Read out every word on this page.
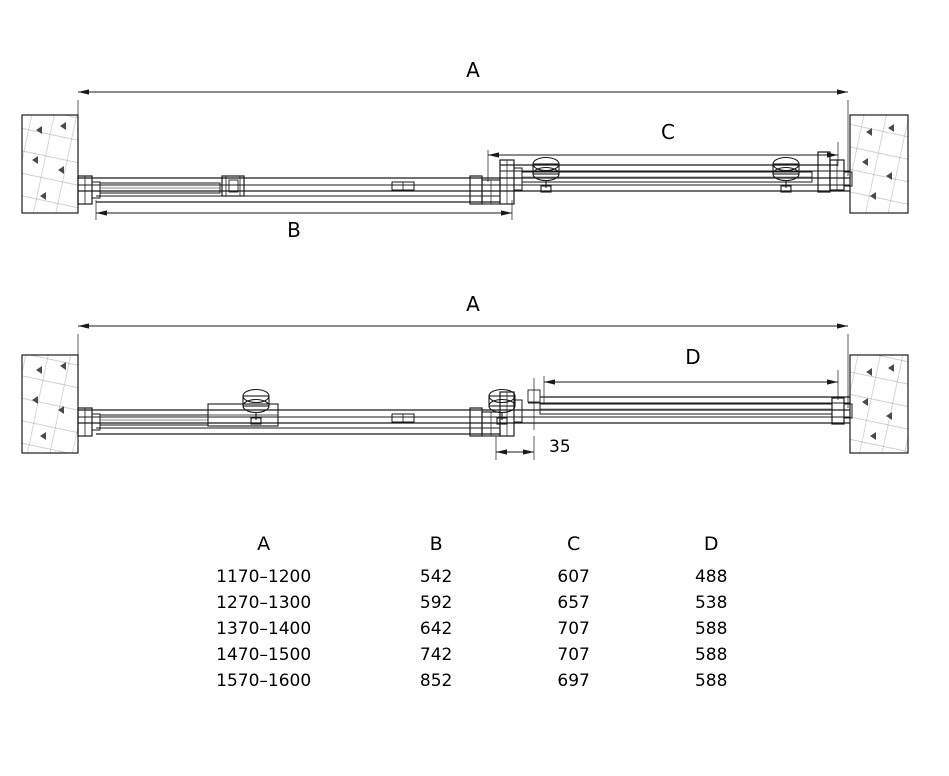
A
C
B
A
D
35
A	B	C	D
1170–1200	542	607	488
1270–1300	592	657	538
1370–1400	642	707	588
1470–1500	742	707	588
1570–1600	852	697	588
